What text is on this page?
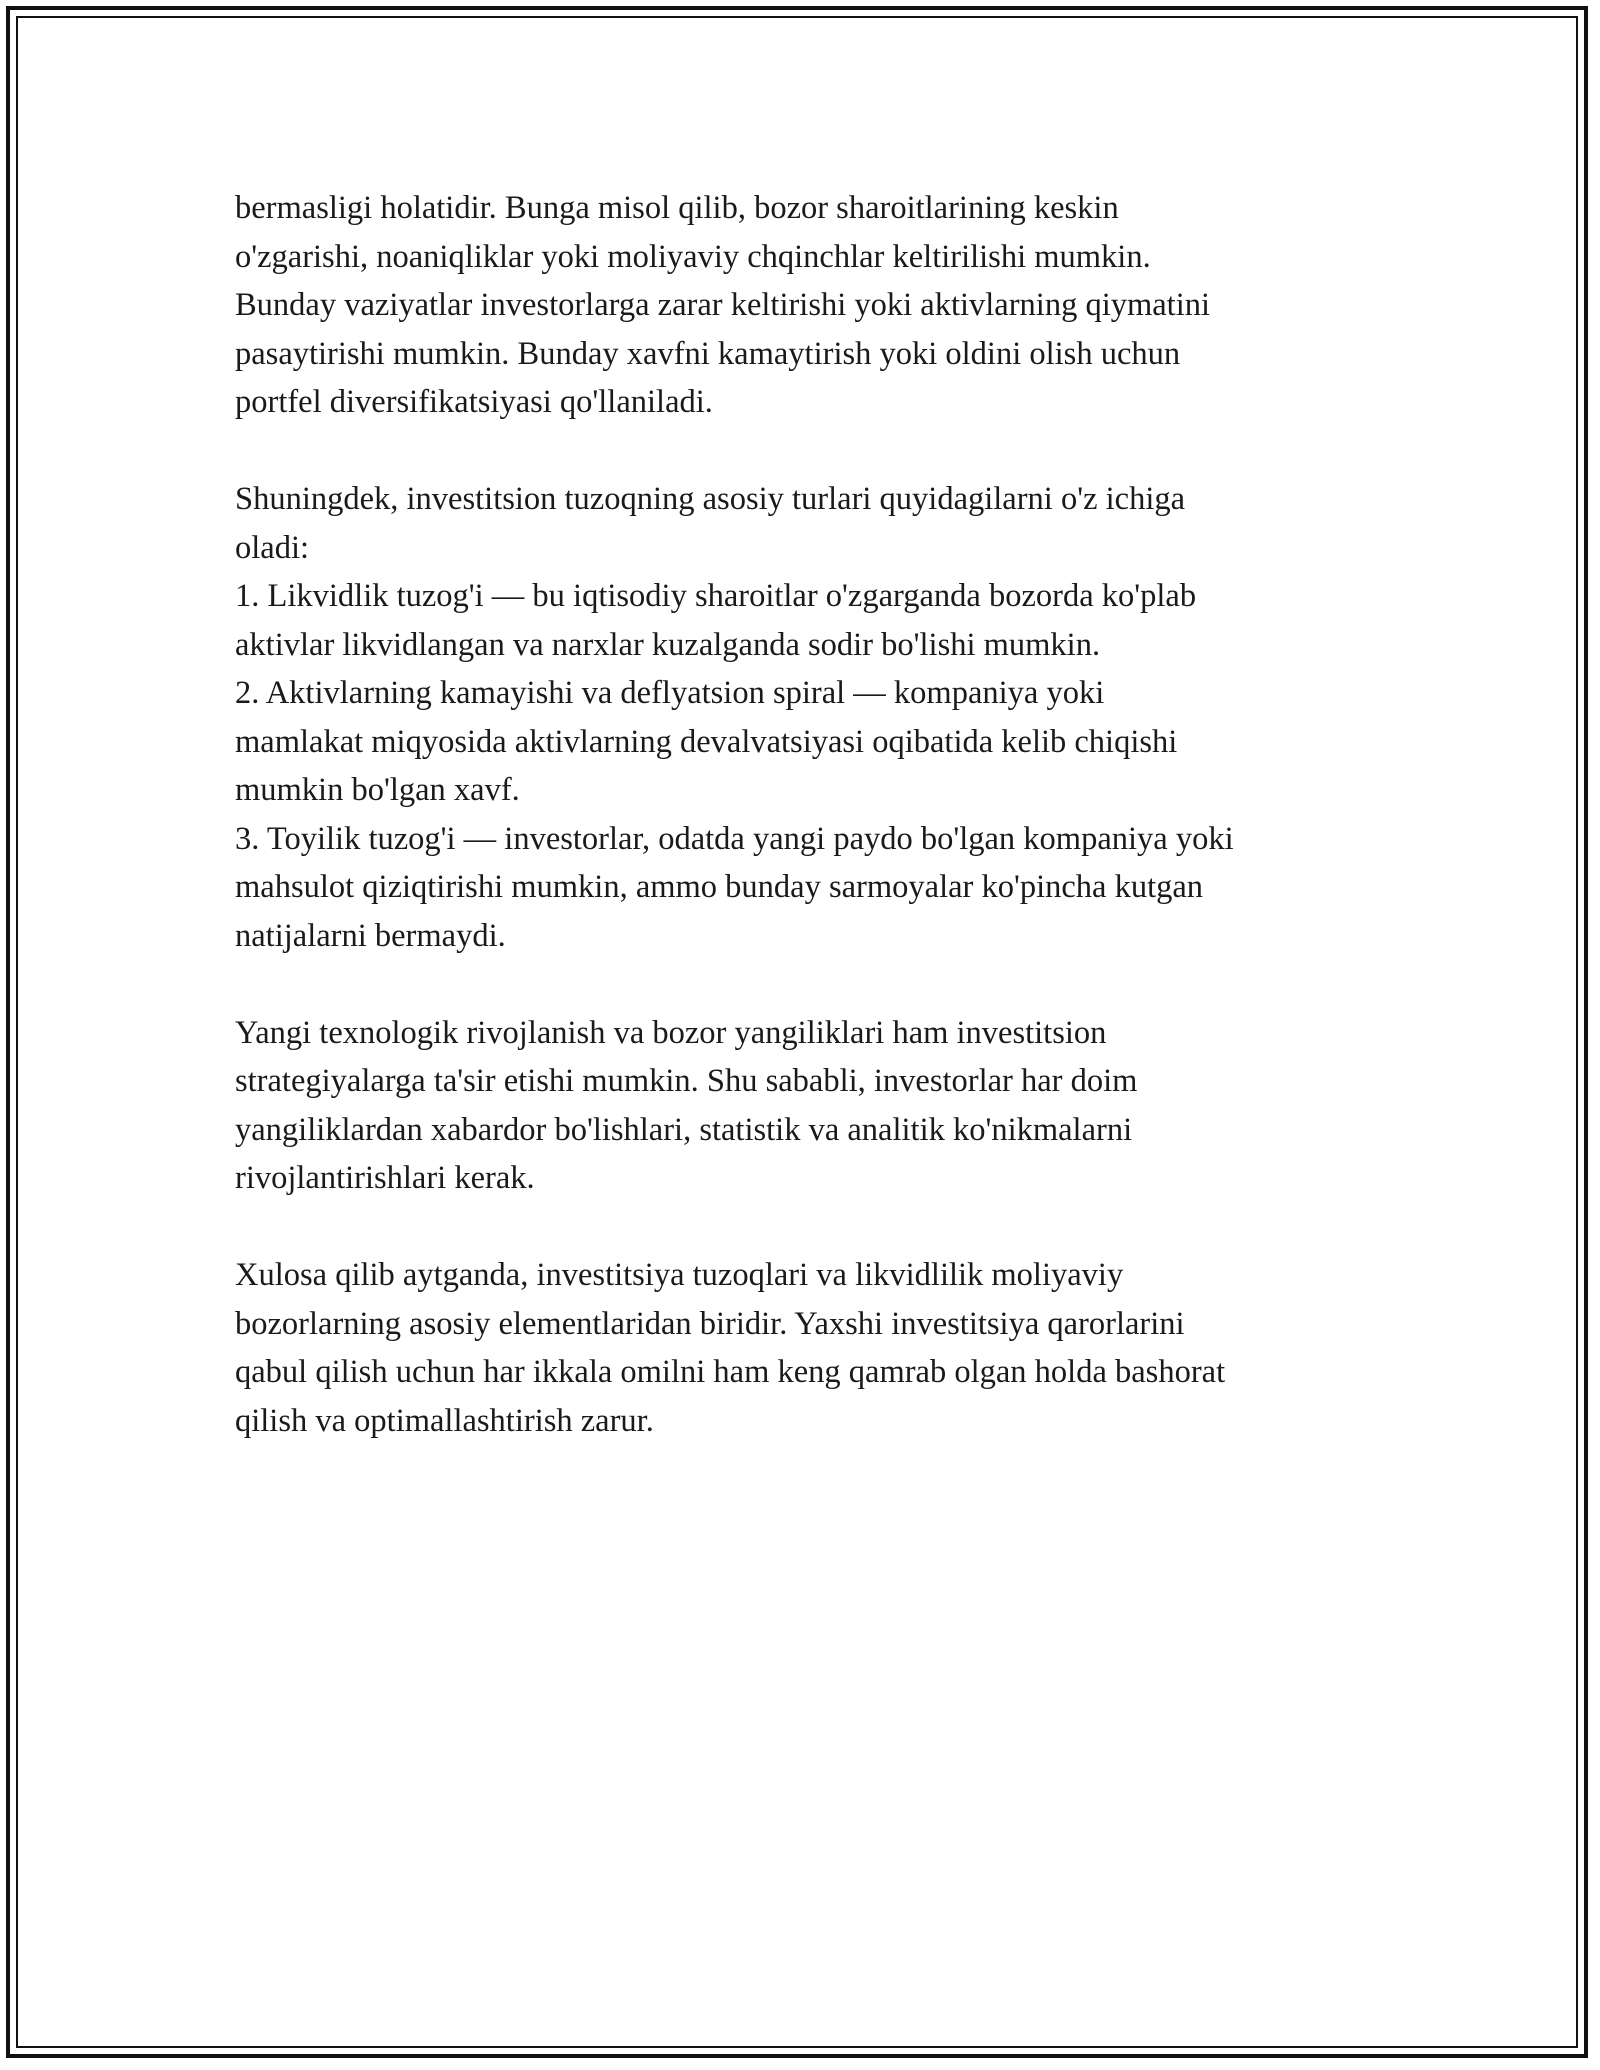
bermasligi holatidir. Bunga misol qilib, bozor sharoitlarining keskin
o'zgarishi, noaniqliklar yoki moliyaviy chqinchlar keltirilishi mumkin.
Bunday vaziyatlar investorlarga zarar keltirishi yoki aktivlarning qiymatini
pasaytirishi mumkin. Bunday xavfni kamaytirish yoki oldini olish uchun
portfel diversifikatsiyasi qo'llaniladi.
Shuningdek, investitsion tuzoqning asosiy turlari quyidagilarni o'z ichiga
oladi:
1. Likvidlik tuzog'i — bu iqtisodiy sharoitlar o'zgarganda bozorda ko'plab
aktivlar likvidlangan va narxlar kuzalganda sodir bo'lishi mumkin.
2. Aktivlarning kamayishi va deflyatsion spiral — kompaniya yoki
mamlakat miqyosida aktivlarning devalvatsiyasi oqibatida kelib chiqishi
mumkin bo'lgan xavf.
3. Toyilik tuzog'i — investorlar, odatda yangi paydo bo'lgan kompaniya yoki
mahsulot qiziqtirishi mumkin, ammo bunday sarmoyalar ko'pincha kutgan
natijalarni bermaydi.
Yangi texnologik rivojlanish va bozor yangiliklari ham investitsion
strategiyalarga ta'sir etishi mumkin. Shu sababli, investorlar har doim
yangiliklardan xabardor bo'lishlari, statistik va analitik ko'nikmalarni
rivojlantirishlari kerak.
Xulosa qilib aytganda, investitsiya tuzoqlari va likvidlilik moliyaviy
bozorlarning asosiy elementlaridan biridir. Yaxshi investitsiya qarorlarini
qabul qilish uchun har ikkala omilni ham keng qamrab olgan holda bashorat
qilish va optimallashtirish zarur.
